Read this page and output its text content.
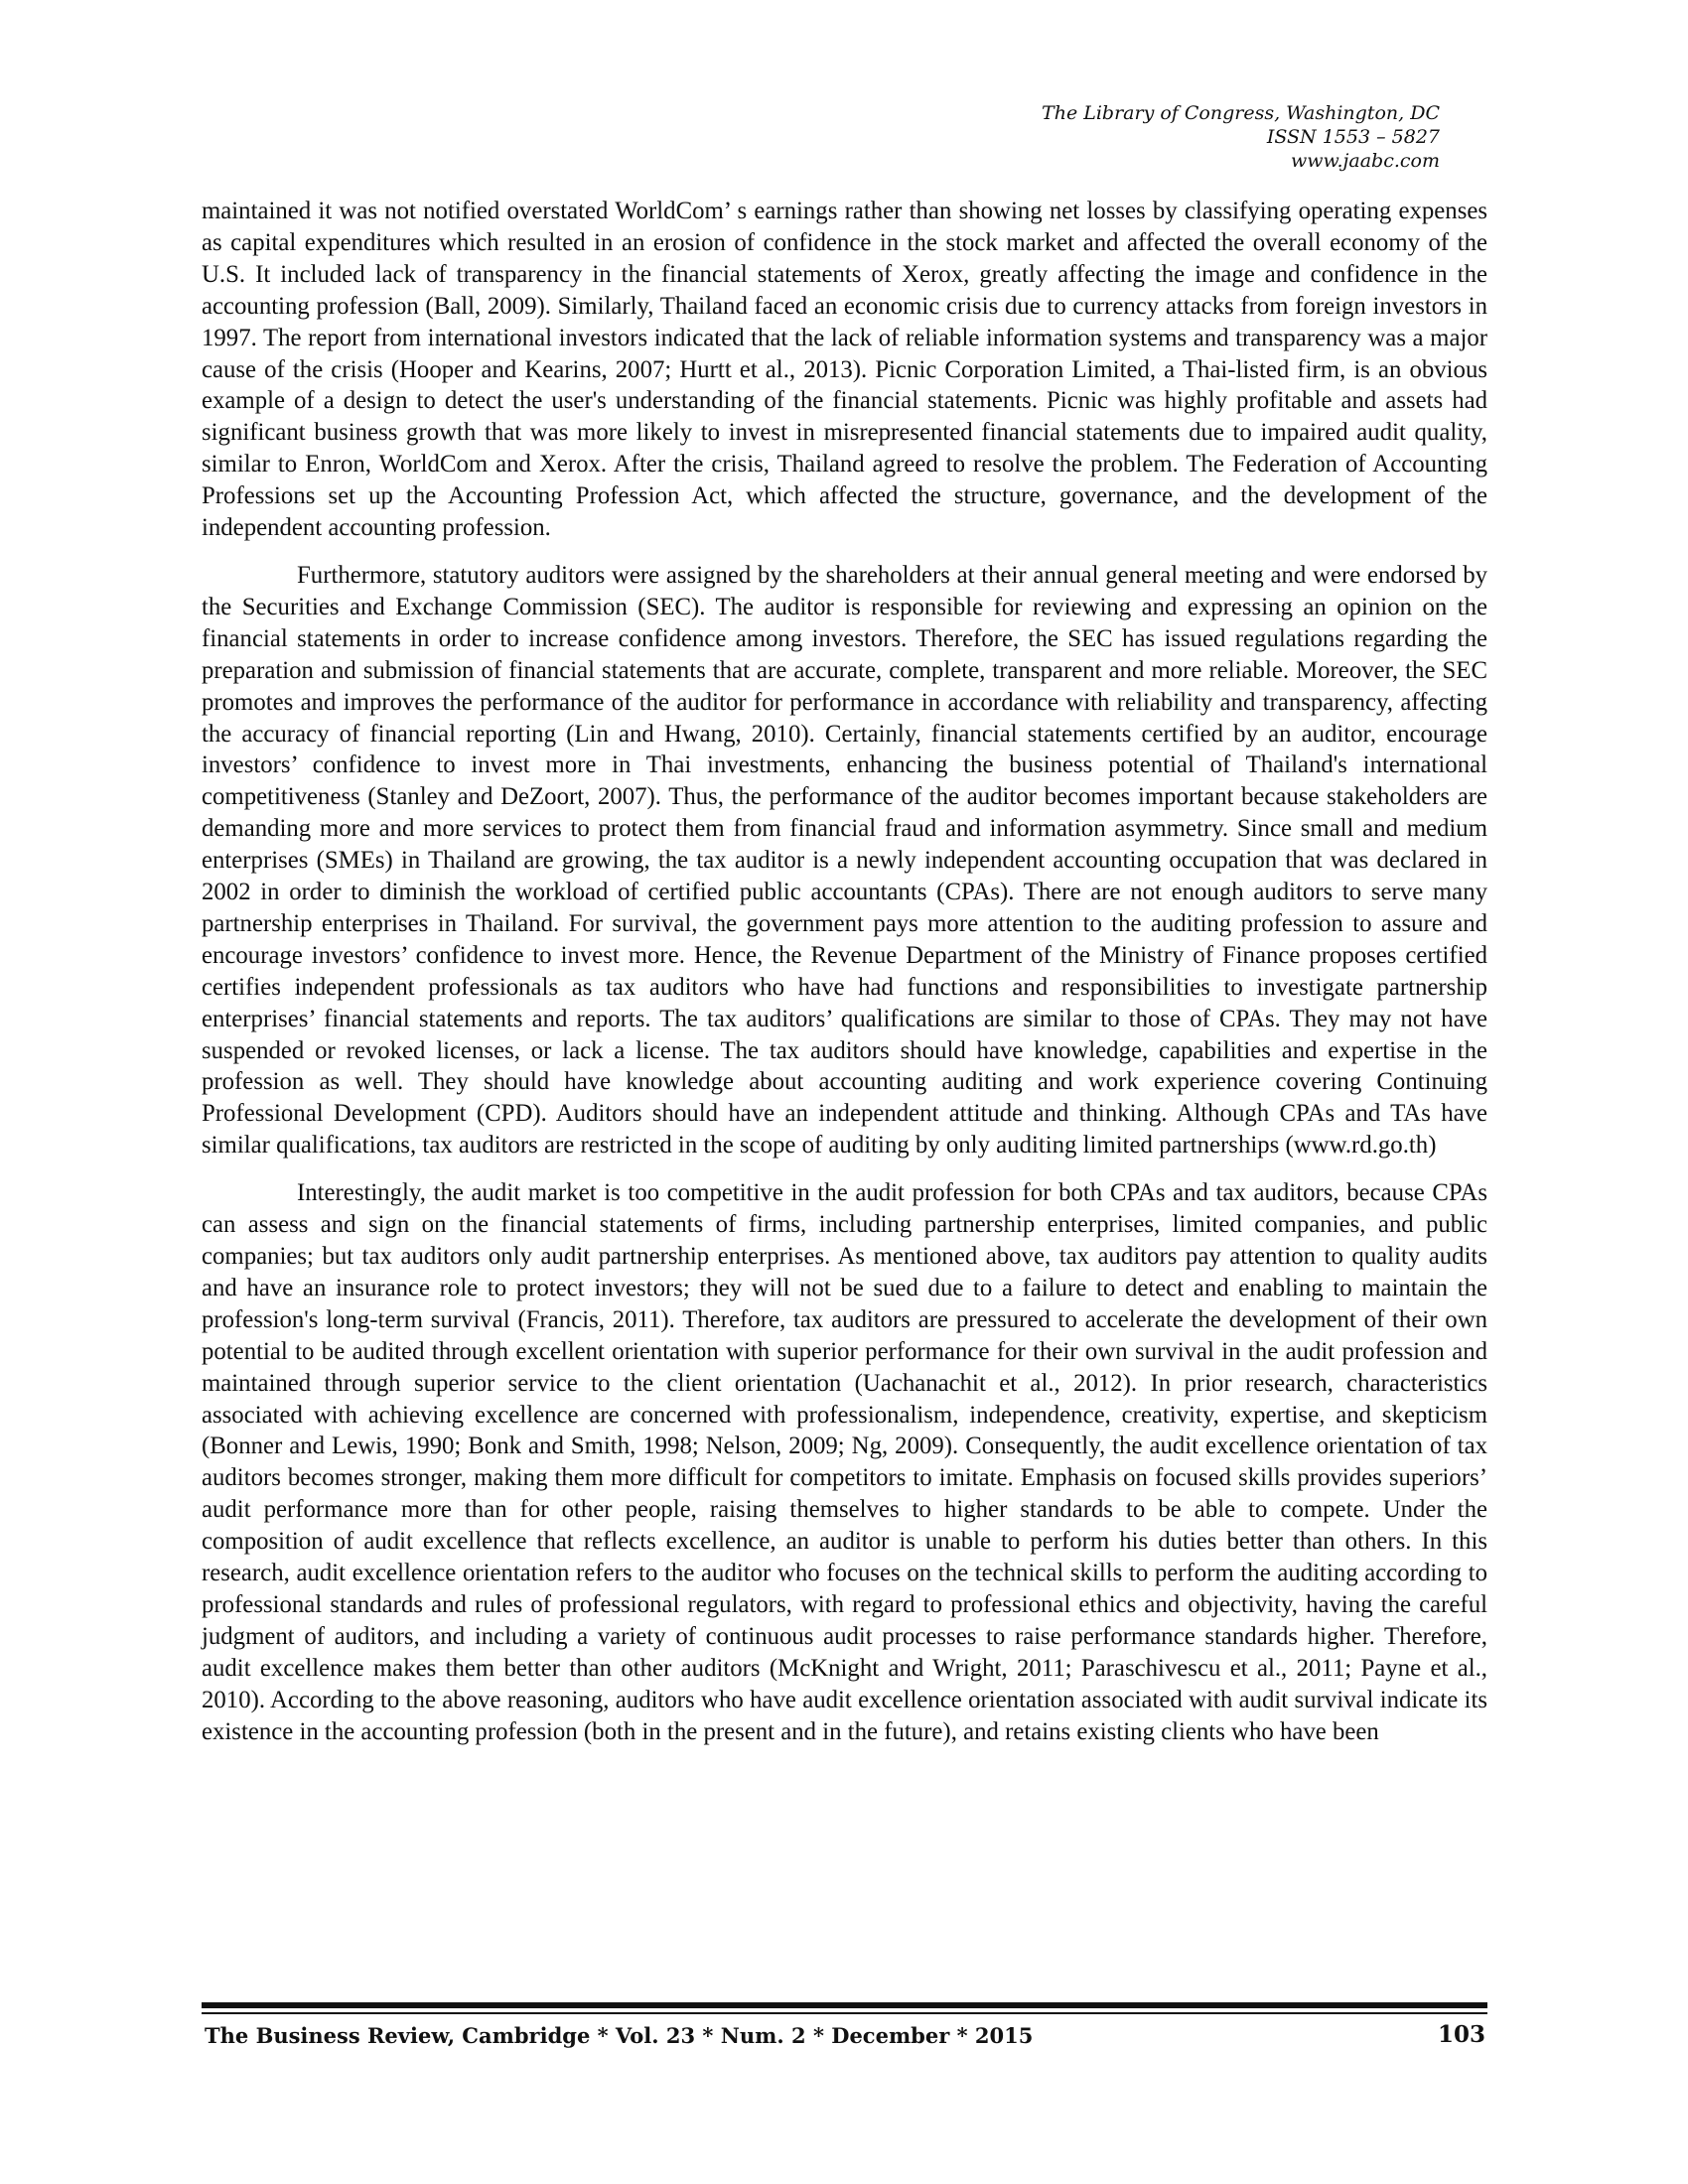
The Library of Congress, Washington, DC
ISSN 1553 – 5827
www.jaabc.com

maintained it was not notified overstated WorldCom’ s earnings rather than showing net losses by classifying operating expenses as capital expenditures which resulted in an erosion of confidence in the stock market and affected the overall economy of the U.S. It included lack of transparency in the financial statements of Xerox, greatly affecting the image and confidence in the accounting profession (Ball, 2009). Similarly, Thailand faced an economic crisis due to currency attacks from foreign investors in 1997. The report from international investors indicated that the lack of reliable information systems and transparency was a major cause of the crisis (Hooper and Kearins, 2007; Hurtt et al., 2013). Picnic Corporation Limited, a Thai-listed firm, is an obvious example of a design to detect the user's understanding of the financial statements. Picnic was highly profitable and assets had significant business growth that was more likely to invest in misrepresented financial statements due to impaired audit quality, similar to Enron, WorldCom and Xerox. After the crisis, Thailand agreed to resolve the problem. The Federation of Accounting Professions set up the Accounting Profession Act, which affected the structure, governance, and the development of the independent accounting profession.

Furthermore, statutory auditors were assigned by the shareholders at their annual general meeting and were endorsed by the Securities and Exchange Commission (SEC). The auditor is responsible for reviewing and expressing an opinion on the financial statements in order to increase confidence among investors. Therefore, the SEC has issued regulations regarding the preparation and submission of financial statements that are accurate, complete, transparent and more reliable. Moreover, the SEC promotes and improves the performance of the auditor for performance in accordance with reliability and transparency, affecting the accuracy of financial reporting (Lin and Hwang, 2010). Certainly, financial statements certified by an auditor, encourage investors’ confidence to invest more in Thai investments, enhancing the business potential of Thailand's international competitiveness (Stanley and DeZoort, 2007). Thus, the performance of the auditor becomes important because stakeholders are demanding more and more services to protect them from financial fraud and information asymmetry. Since small and medium enterprises (SMEs) in Thailand are growing, the tax auditor is a newly independent accounting occupation that was declared in 2002 in order to diminish the workload of certified public accountants (CPAs). There are not enough auditors to serve many partnership enterprises in Thailand. For survival, the government pays more attention to the auditing profession to assure and encourage investors’ confidence to invest more. Hence, the Revenue Department of the Ministry of Finance proposes certified certifies independent professionals as tax auditors who have had functions and responsibilities to investigate partnership enterprises’ financial statements and reports. The tax auditors’ qualifications are similar to those of CPAs. They may not have suspended or revoked licenses, or lack a license. The tax auditors should have knowledge, capabilities and expertise in the profession as well. They should have knowledge about accounting auditing and work experience covering Continuing Professional Development (CPD). Auditors should have an independent attitude and thinking. Although CPAs and TAs have similar qualifications, tax auditors are restricted in the scope of auditing by only auditing limited partnerships (www.rd.go.th)

Interestingly, the audit market is too competitive in the audit profession for both CPAs and tax auditors, because CPAs can assess and sign on the financial statements of firms, including partnership enterprises, limited companies, and public companies; but tax auditors only audit partnership enterprises. As mentioned above, tax auditors pay attention to quality audits and have an insurance role to protect investors; they will not be sued due to a failure to detect and enabling to maintain the profession's long-term survival (Francis, 2011). Therefore, tax auditors are pressured to accelerate the development of their own potential to be audited through excellent orientation with superior performance for their own survival in the audit profession and maintained through superior service to the client orientation (Uachanachit et al., 2012). In prior research, characteristics associated with achieving excellence are concerned with professionalism, independence, creativity, expertise, and skepticism (Bonner and Lewis, 1990; Bonk and Smith, 1998; Nelson, 2009; Ng, 2009). Consequently, the audit excellence orientation of tax auditors becomes stronger, making them more difficult for competitors to imitate. Emphasis on focused skills provides superiors’ audit performance more than for other people, raising themselves to higher standards to be able to compete. Under the composition of audit excellence that reflects excellence, an auditor is unable to perform his duties better than others. In this research, audit excellence orientation refers to the auditor who focuses on the technical skills to perform the auditing according to professional standards and rules of professional regulators, with regard to professional ethics and objectivity, having the careful judgment of auditors, and including a variety of continuous audit processes to raise performance standards higher. Therefore, audit excellence makes them better than other auditors (McKnight and Wright, 2011; Paraschivescu et al., 2011; Payne et al., 2010). According to the above reasoning, auditors who have audit excellence orientation associated with audit survival indicate its existence in the accounting profession (both in the present and in the future), and retains existing clients who have been

The Business Review, Cambridge * Vol. 23 * Num. 2 * December * 2015	103
